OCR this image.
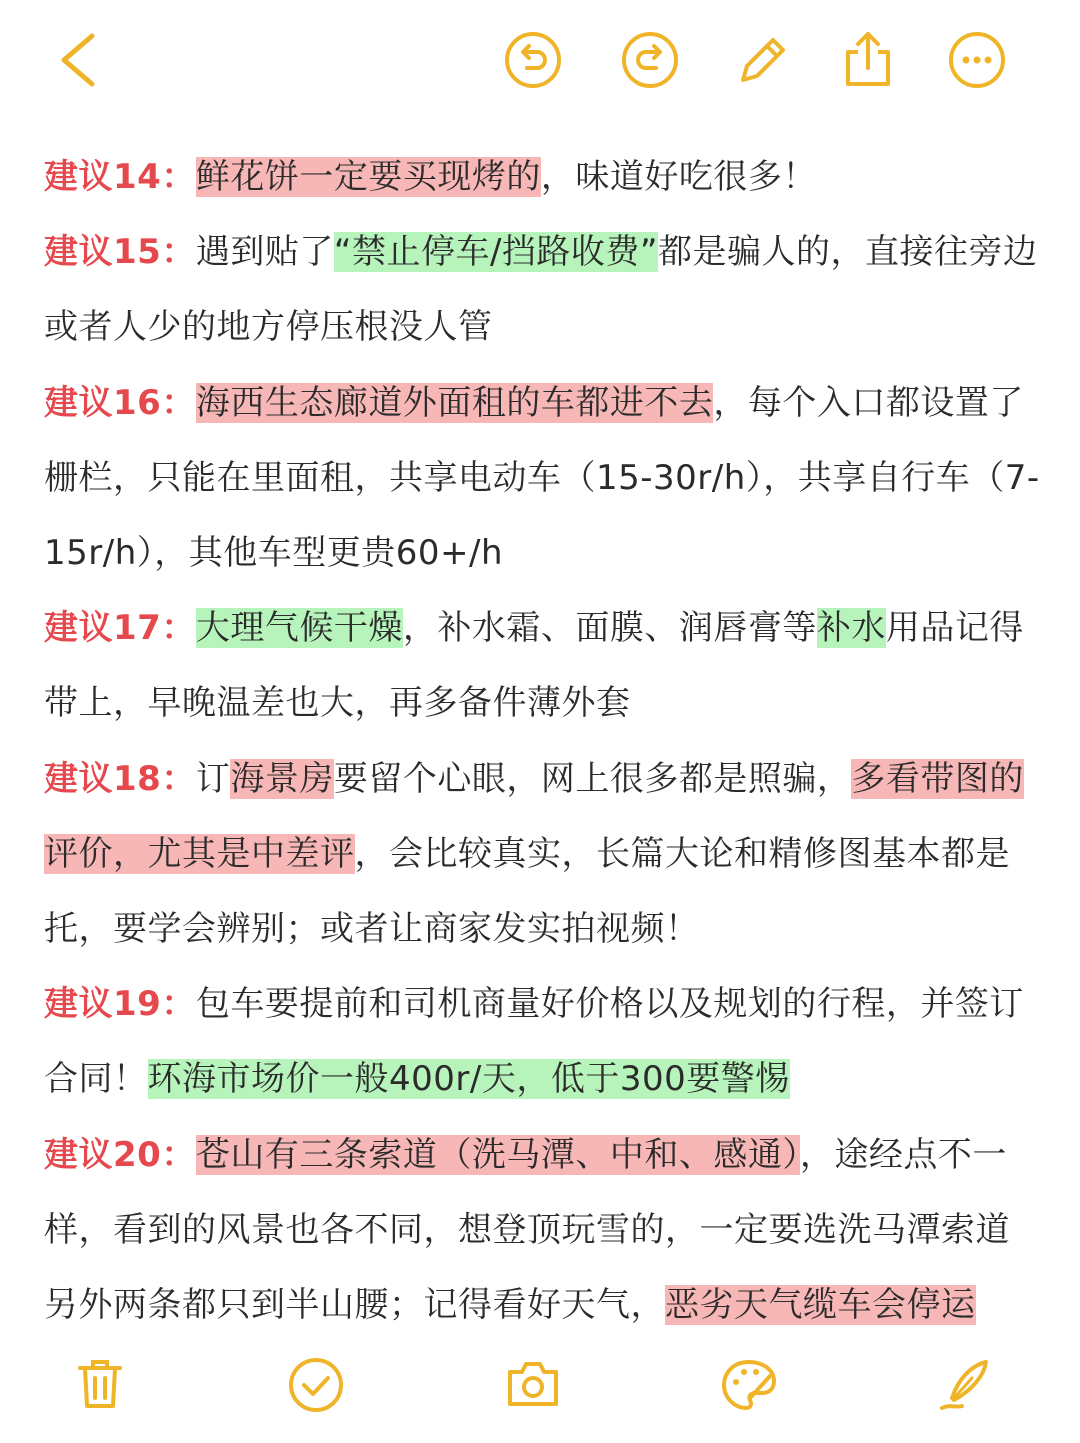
建议14：鲜花饼一定要买现烤的，味道好吃很多！

建议15：遇到贴了“禁止停车/挡路收费”都是骗人的，直接往旁边或者人少的地方停压根没人管

建议16：海西生态廊道外面租的车都进不去，每个入口都设置了栅栏，只能在里面租，共享电动车（15-30r/h），共享自行车（7-15r/h），其他车型更贵60+/h

建议17：大理气候干燥，补水霜、面膜、润唇膏等补水用品记得带上，早晚温差也大，再多备件薄外套

建议18：订海景房要留个心眼，网上很多都是照骗，多看带图的评价，尤其是中差评，会比较真实，长篇大论和精修图基本都是托，要学会辨别；或者让商家发实拍视频！

建议19：包车要提前和司机商量好价格以及规划的行程，并签订合同！环海市场价一般400r/天，低于300要警惕

建议20：苍山有三条索道（洗马潭、中和、感通），途经点不一样，看到的风景也各不同，想登顶玩雪的，一定要选洗马潭索道另外两条都只到半山腰；记得看好天气，恶劣天气缆车会停运
